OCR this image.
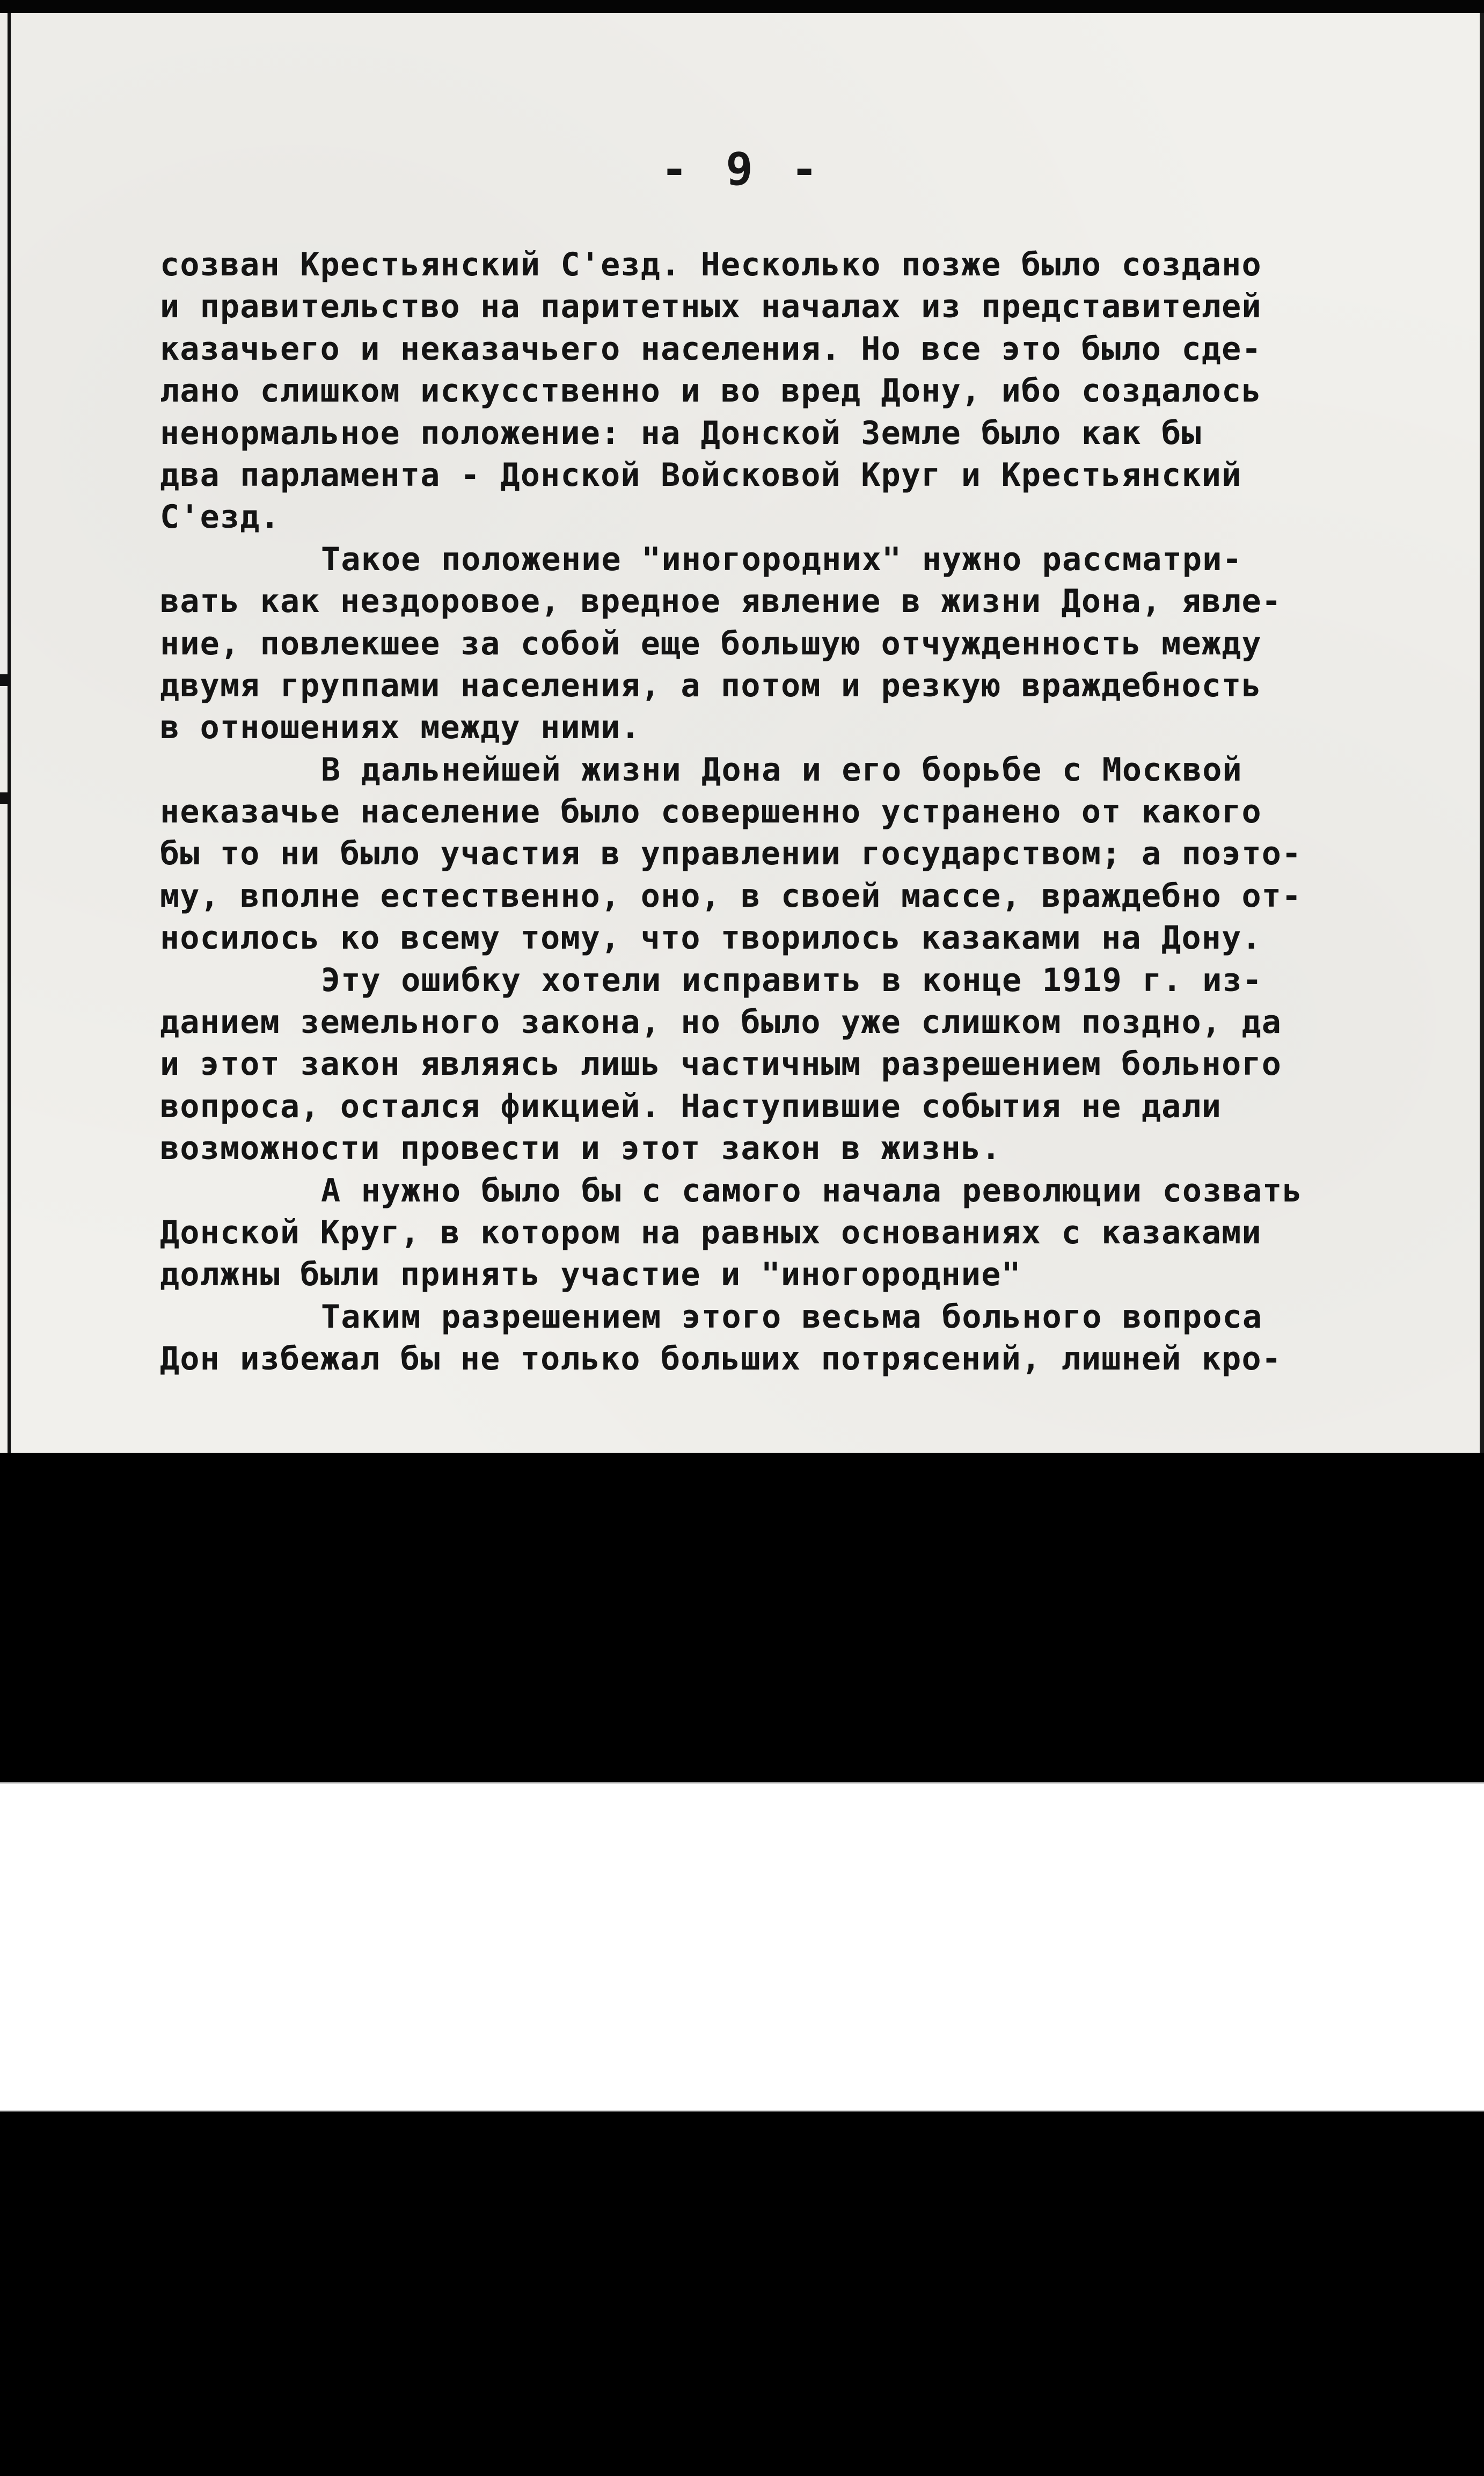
- 9 -
созван Крестьянский С'езд. Несколько позже было создано
и правительство на паритетных началах из представителей
казачьего и неказачьего населения. Но все это было сде-
лано слишком искусственно и во вред Дону, ибо создалось
ненормальное положение: на Донской Земле было как бы
два парламента - Донской Войсковой Круг и Крестьянский
С'езд.
Такое положение "иногородних" нужно рассматри-
вать как нездоровое, вредное явление в жизни Дона, явле-
ние, повлекшее за собой еще большую отчужденность между
двумя группами населения, а потом и резкую враждебность
в отношениях между ними.
В дальнейшей жизни Дона и его борьбе с Москвой
неказачье население было совершенно устранено от какого
бы то ни было участия в управлении государством; а поэто-
му, вполне естественно, оно, в своей массе, враждебно от-
носилось ко всему тому, что творилось казаками на Дону.
Эту ошибку хотели исправить в конце 1919 г. из-
данием земельного закона, но было уже слишком поздно, да
и этот закон являясь лишь частичным разрешением больного
вопроса, остался фикцией. Наступившие события не дали
возможности провести и этот закон в жизнь.
А нужно было бы с самого начала революции созвать
Донской Круг, в котором на равных основаниях с казаками
должны были принять участие и "иногородние"
Таким разрешением этого весьма больного вопроса
Дон избежал бы не только больших потрясений, лишней кро-
